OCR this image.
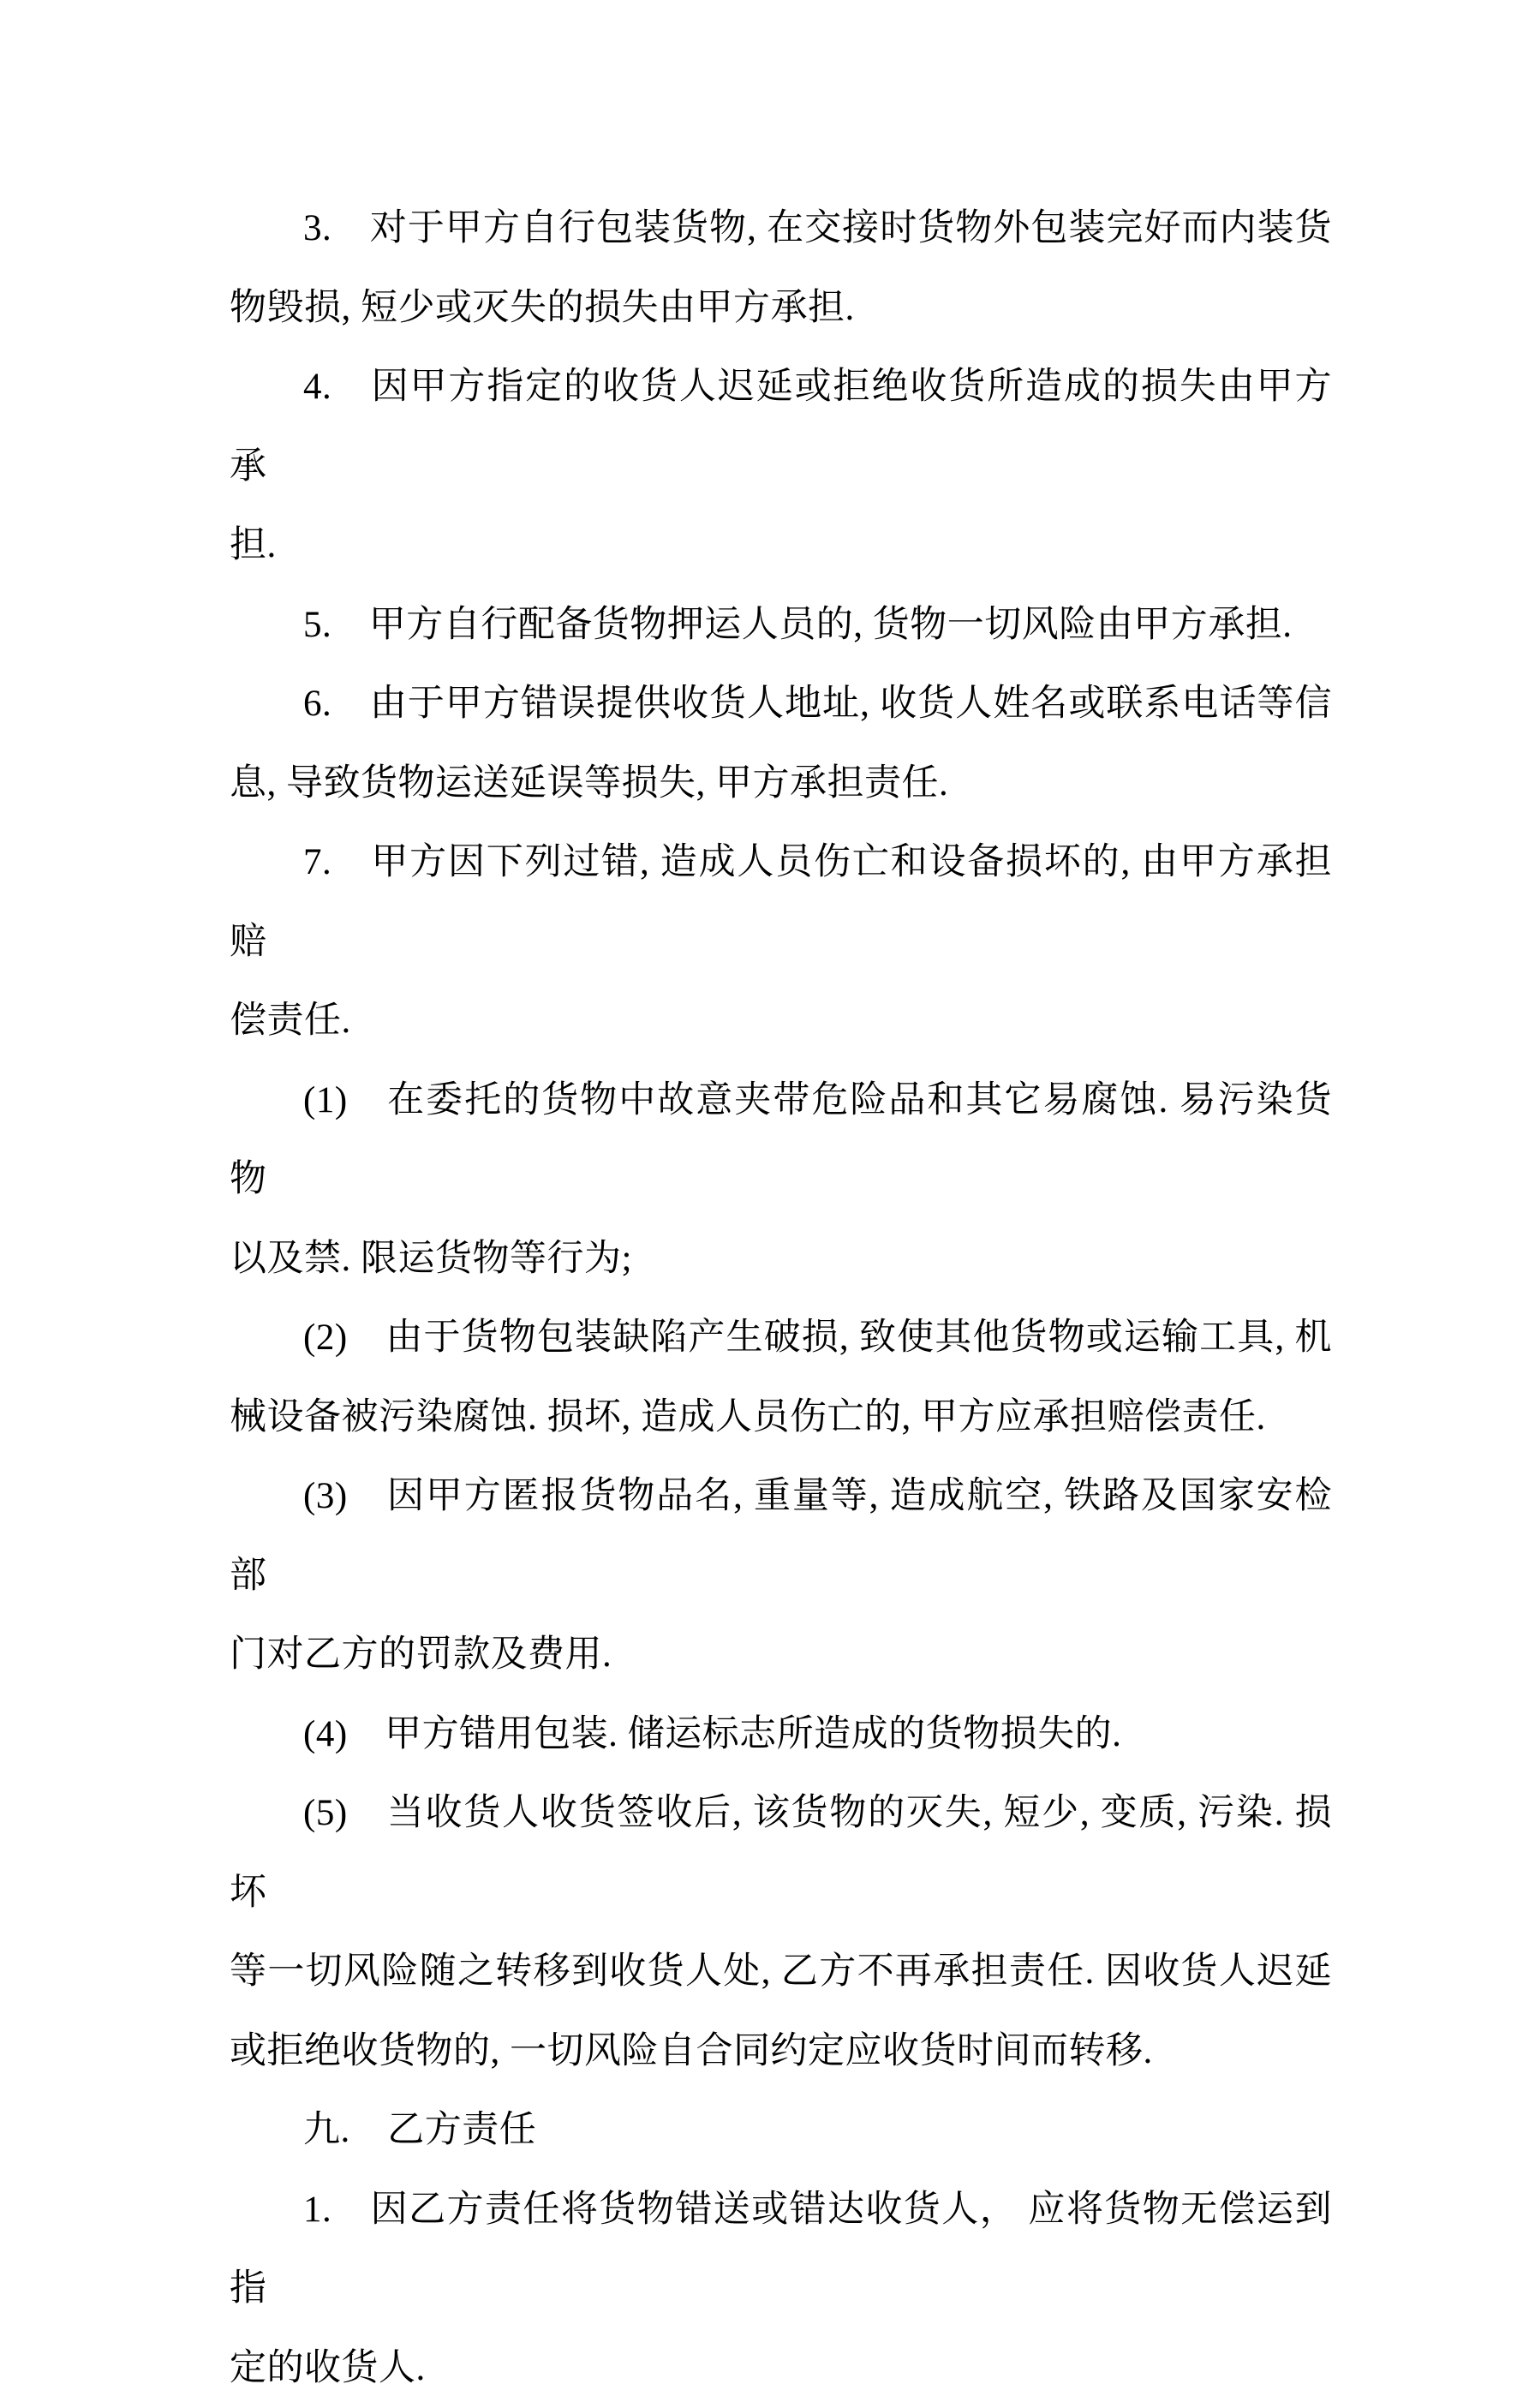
3.　对于甲方自行包装货物, 在交接时货物外包装完好而内装货

物毁损, 短少或灭失的损失由甲方承担.

4.　因甲方指定的收货人迟延或拒绝收货所造成的损失由甲方承

担.

5.　甲方自行配备货物押运人员的, 货物一切风险由甲方承担.

6.　由于甲方错误提供收货人地址, 收货人姓名或联系电话等信

息, 导致货物运送延误等损失, 甲方承担责任.

7.　甲方因下列过错, 造成人员伤亡和设备损坏的, 由甲方承担赔

偿责任.

(1)　在委托的货物中故意夹带危险品和其它易腐蚀. 易污染货物

以及禁. 限运货物等行为;

(2)　由于货物包装缺陷产生破损, 致使其他货物或运输工具, 机

械设备被污染腐蚀. 损坏, 造成人员伤亡的, 甲方应承担赔偿责任.

(3)　因甲方匿报货物品名, 重量等, 造成航空, 铁路及国家安检部

门对乙方的罚款及费用.

(4)　甲方错用包装. 储运标志所造成的货物损失的.

(5)　当收货人收货签收后, 该货物的灭失, 短少, 变质, 污染. 损坏

等一切风险随之转移到收货人处, 乙方不再承担责任. 因收货人迟延

或拒绝收货物的, 一切风险自合同约定应收货时间而转移.

九.　乙方责任

1.　因乙方责任将货物错送或错达收货人， 应将货物无偿运到指

定的收货人.
